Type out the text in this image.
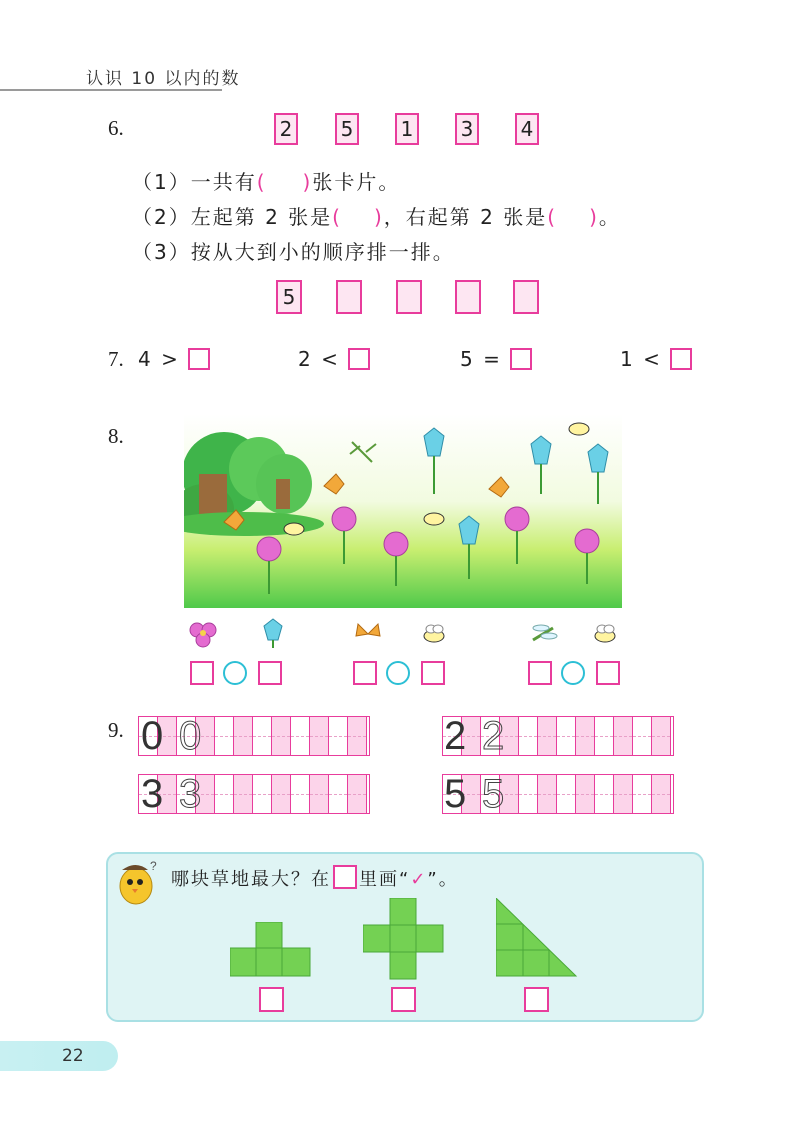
认识 10 以内的数
6.	2 5 1 3 4
（1）一共有( )张卡片。
（2）左起第 2 张是( )，右起第 2 张是( )。
（3）按从大到小的顺序排一排。
5
7. 4 >	2 <	5 =	1 <
8.
9. 0 0	2 2
3 3	5 5
?
哪块草地最大？在 里画“✓”。
22
